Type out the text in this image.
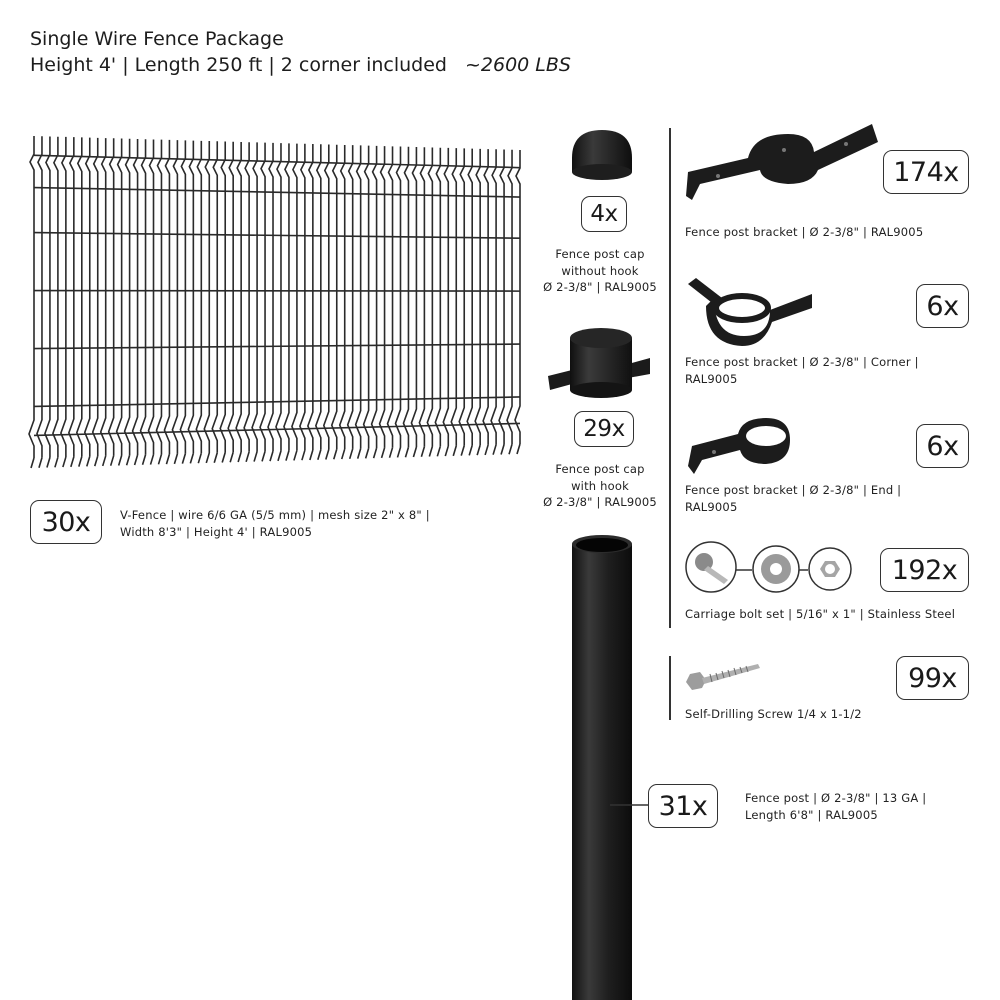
Single Wire Fence Package
Height 4' | Length 250 ft | 2 corner included ~2600 LBS
30x	V-Fence | wire 6/6 GA (5/5 mm) | mesh size 2" x 8" |
Width 8'3" | Height 4' | RAL9005
4x
Fence post cap
without hook
Ø 2-3/8" | RAL9005
29x
Fence post cap
with hook
Ø 2-3/8" | RAL9005
174x
Fence post bracket | Ø 2-3/8" | RAL9005
6x
Fence post bracket | Ø 2-3/8" | Corner |
RAL9005
6x
Fence post bracket | Ø 2-3/8" | End |
RAL9005
192x
Carriage bolt set | 5/16" x 1" | Stainless Steel
99x
Self-Drilling Screw 1/4 x 1-1/2
31x	Fence post | Ø 2-3/8" | 13 GA |
Length 6'8" | RAL9005
